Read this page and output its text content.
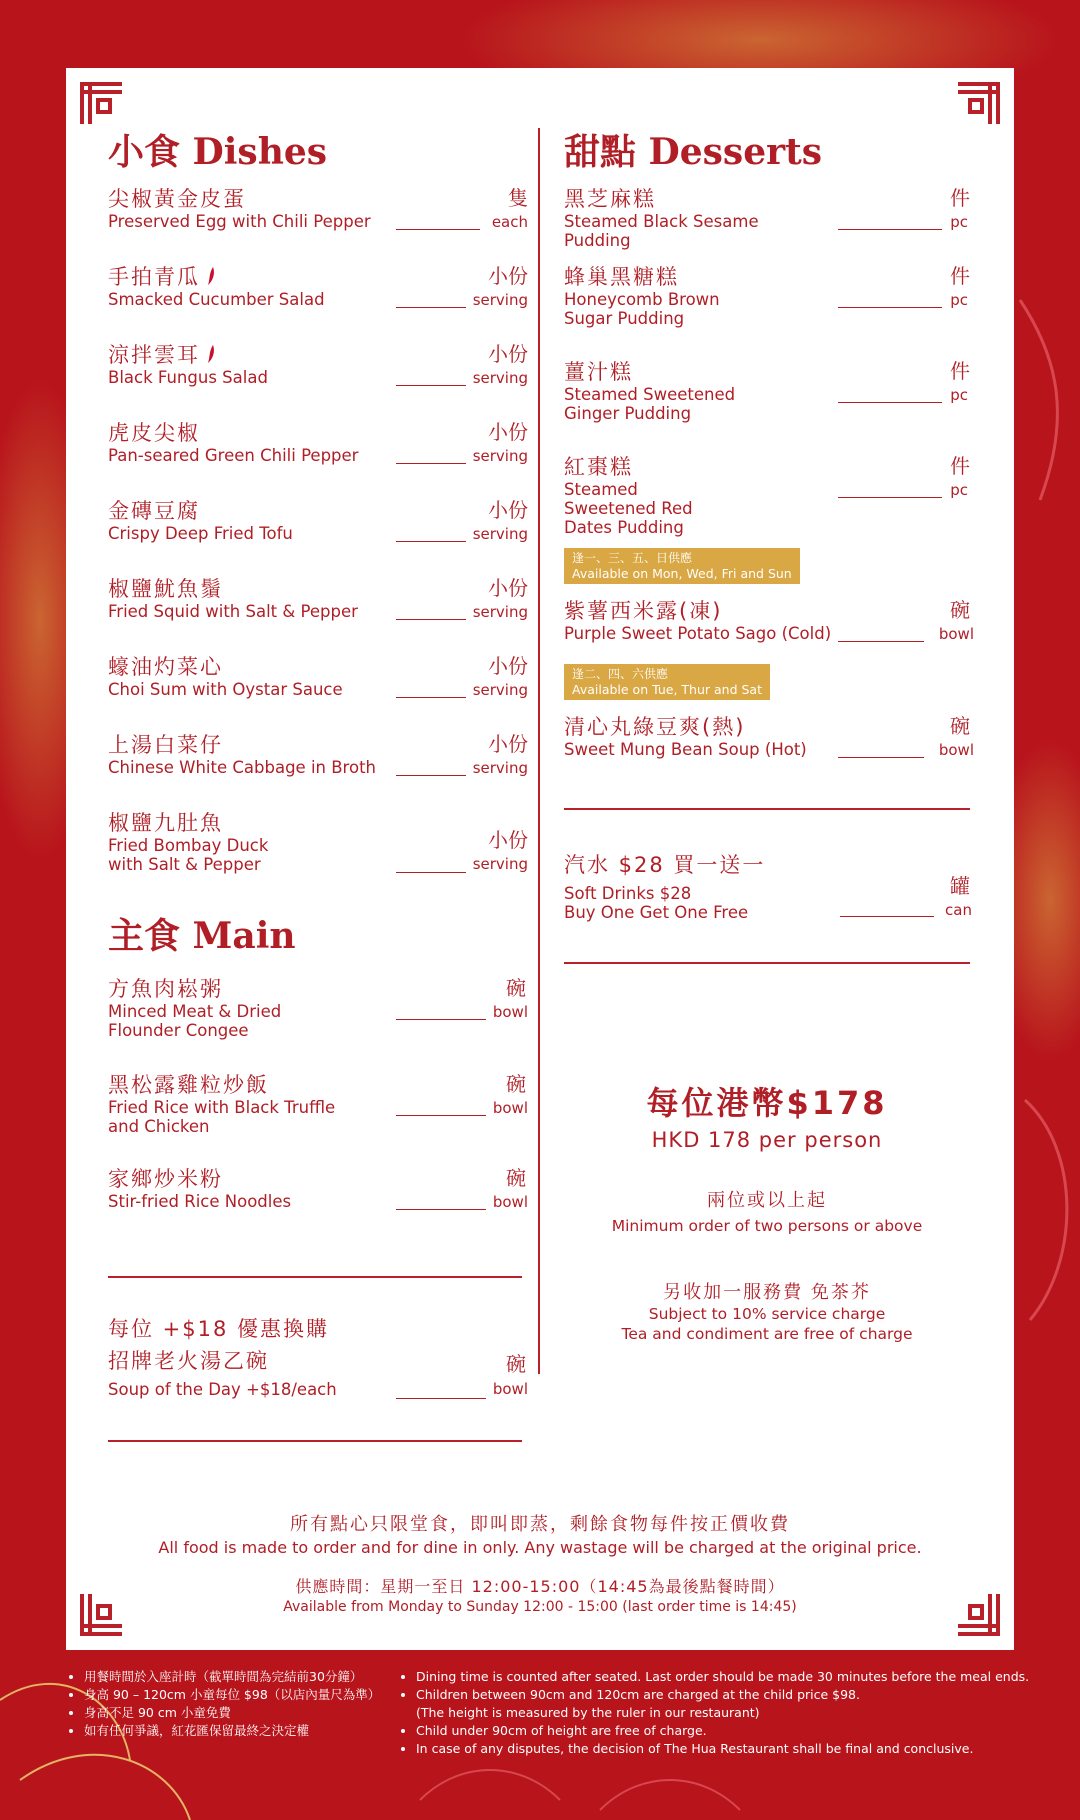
小食 Dishes
尖椒黃金皮蛋
Preserved Egg with Chili Pepper
隻
each
手拍青瓜
Smacked Cucumber Salad
小份
serving
涼拌雲耳
Black Fungus Salad
小份
serving
虎皮尖椒
Pan-seared Green Chili Pepper
小份
serving
金磚豆腐
Crispy Deep Fried Tofu
小份
serving
椒鹽魷魚鬚
Fried Squid with Salt & Pepper
小份
serving
蠔油灼菜心
Choi Sum with Oystar Sauce
小份
serving
上湯白菜仔
Chinese White Cabbage in Broth
小份
serving
椒鹽九肚魚
Fried Bombay Duck with Salt & Pepper
小份
serving
主食 Main
方魚肉崧粥
Minced Meat & Dried Flounder Congee
碗
bowl
黑松露雞粒炒飯
Fried Rice with Black Truffle and Chicken
碗
bowl
家鄉炒米粉
Stir-fried Rice Noodles
碗
bowl
每位 +$18 優惠換購
招牌老火湯乙碗
Soup of the Day +$18/each
碗
bowl
甜點 Desserts
黑芝麻糕
Steamed Black Sesame Pudding
件
pc
蜂巢黑糖糕
Honeycomb Brown Sugar Pudding
件
pc
薑汁糕
Steamed Sweetened Ginger Pudding
件
pc
紅棗糕
Steamed Sweetened Red Dates Pudding
件
pc
逢一、三、五、日供應
Available on Mon, Wed, Fri and Sun
紫薯西米露(凍)
Purple Sweet Potato Sago (Cold)
碗
bowl
逢二、四、六供應
Available on Tue, Thur and Sat
清心丸綠豆爽(熱)
Sweet Mung Bean Soup (Hot)
碗
bowl
汽水 $28 買一送一
Soft Drinks $28
Buy One Get One Free
罐
can
每位港幣$178
HKD 178 per person
兩位或以上起
Minimum order of two persons or above
另收加一服務費 免茶芥
Subject to 10% service charge
Tea and condiment are free of charge
所有點心只限堂食，即叫即蒸，剩餘食物每件按正價收費
All food is made to order and for dine in only. Any wastage will be charged at the original price.
供應時間：星期一至日 12:00-15:00（14:45為最後點餐時間）
Available from Monday to Sunday 12:00 - 15:00 (last order time is 14:45)
• 用餐時間於入座計時（截單時間為完結前30分鐘）
• 身高 90 – 120cm 小童每位 $98（以店內量尺為準）
• 身高不足 90 cm 小童免費
• 如有任何爭議，紅花匯保留最終之決定權
• Dining time is counted after seated. Last order should be made 30 minutes before the meal ends.
• Children between 90cm and 120cm are charged at the child price $98.
(The height is measured by the ruler in our restaurant)
• Child under 90cm of height are free of charge.
• In case of any disputes, the decision of The Hua Restaurant shall be final and conclusive.
